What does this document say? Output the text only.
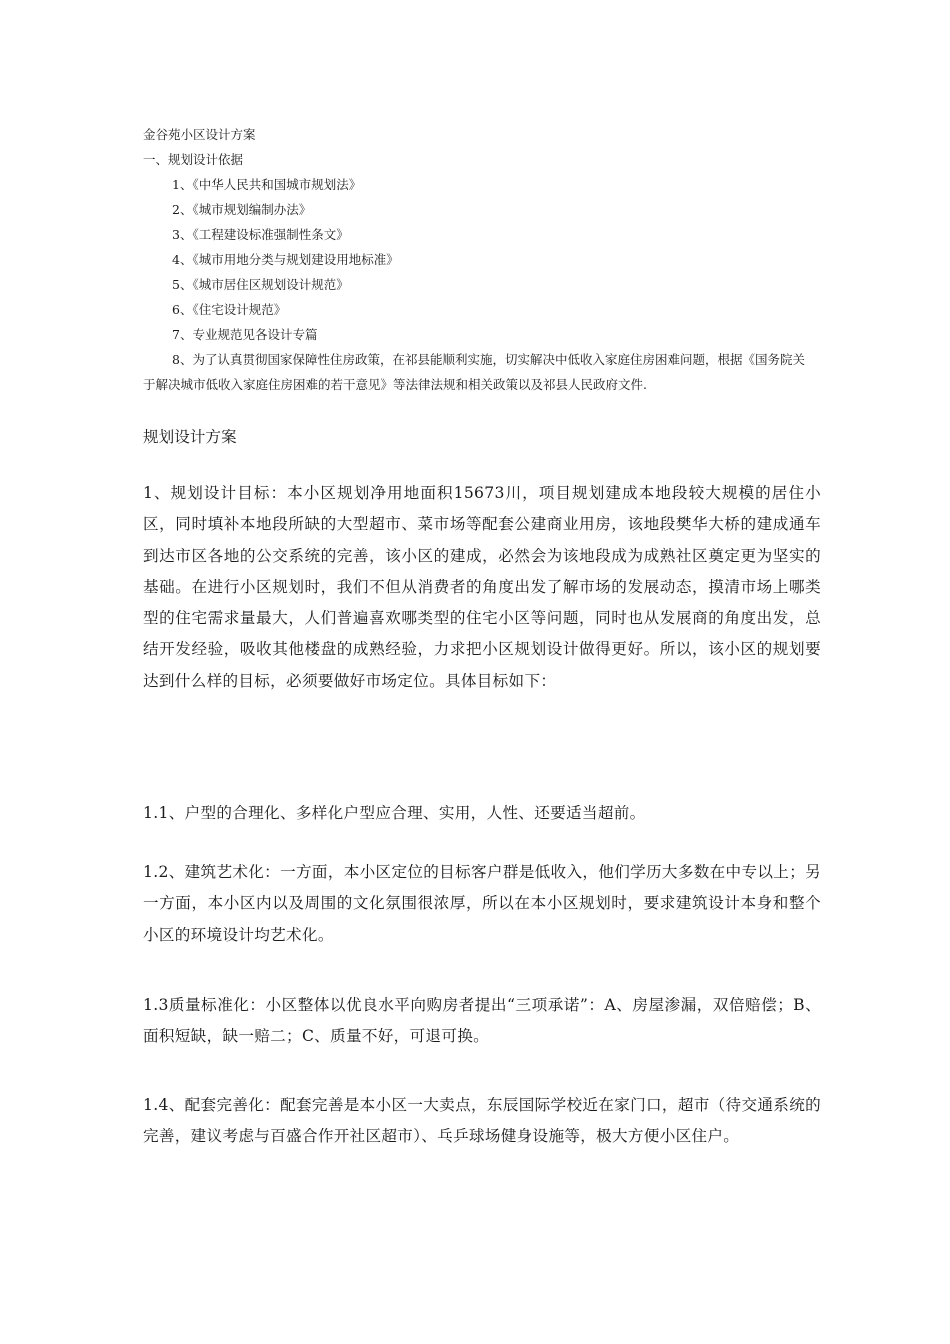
金谷苑小区设计方案
一、规划设计依据
1、《中华人民共和国城市规划法》
2、《城市规划编制办法》
3、《工程建设标准强制性条文》
4、《城市用地分类与规划建设用地标准》
5、《城市居住区规划设计规范》
6、《住宅设计规范》
7、专业规范见各设计专篇
8、为了认真贯彻国家保障性住房政策，在祁县能顺利实施，切实解决中低收入家庭住房困难问题，根据《国务院关于解决城市低收入家庭住房困难的若干意见》等法律法规和相关政策以及祁县人民政府文件.
规划设计方案
1、规划设计目标：本小区规划净用地面积15673川，项目规划建成本地段较大规模的居住小区，同时填补本地段所缺的大型超市、菜市场等配套公建商业用房，该地段樊华大桥的建成通车到达市区各地的公交系统的完善，该小区的建成，必然会为该地段成为成熟社区奠定更为坚实的基础。在进行小区规划时，我们不但从消费者的角度出发了解市场的发展动态，摸清市场上哪类型的住宅需求量最大，人们普遍喜欢哪类型的住宅小区等问题，同时也从发展商的角度出发，总结开发经验，吸收其他楼盘的成熟经验，力求把小区规划设计做得更好。所以，该小区的规划要达到什么样的目标，必须要做好市场定位。具体目标如下：
1.1、户型的合理化、多样化户型应合理、实用，人性、还要适当超前。
1.2、建筑艺术化：一方面，本小区定位的目标客户群是低收入，他们学历大多数在中专以上；另一方面，本小区内以及周围的文化氛围很浓厚，所以在本小区规划时，要求建筑设计本身和整个小区的环境设计均艺术化。
1.3质量标准化：小区整体以优良水平向购房者提出“三项承诺”：A、房屋渗漏，双倍赔偿；B、面积短缺，缺一赔二；C、质量不好，可退可换。
1.4、配套完善化：配套完善是本小区一大卖点，东辰国际学校近在家门口，超市（待交通系统的完善，建议考虑与百盛合作开社区超市）、乓乒球场健身设施等，极大方便小区住户。
